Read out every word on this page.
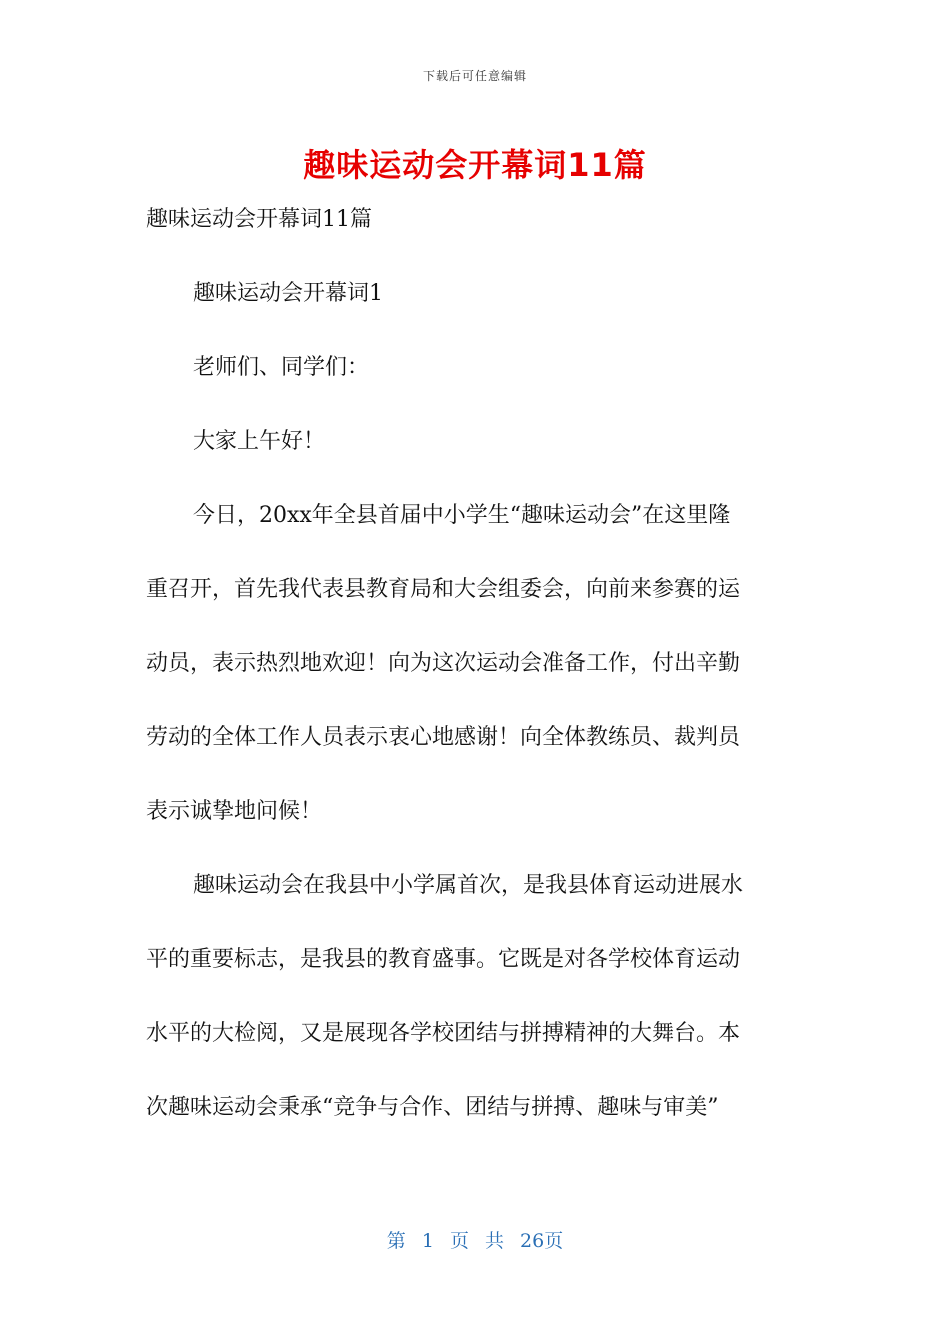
下载后可任意编辑
趣味运动会开幕词11篇
趣味运动会开幕词11篇
趣味运动会开幕词1
老师们、同学们：
大家上午好！
今日，20xx年全县首届中小学生“趣味运动会”在这里隆
重召开，首先我代表县教育局和大会组委会，向前来参赛的运
动员，表示热烈地欢迎！向为这次运动会准备工作，付出辛勤
劳动的全体工作人员表示衷心地感谢！向全体教练员、裁判员
表示诚挚地问候！
趣味运动会在我县中小学属首次，是我县体育运动进展水
平的重要标志，是我县的教育盛事。它既是对各学校体育运动
水平的大检阅，又是展现各学校团结与拼搏精神的大舞台。本
次趣味运动会秉承“竞争与合作、团结与拼搏、趣味与审美”
第 1 页 共 26页
